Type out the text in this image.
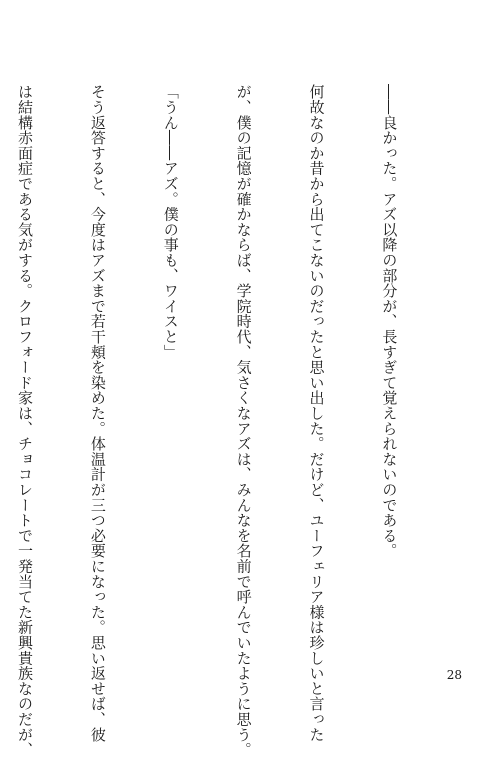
――良かった。アズ以降の部分が、長すぎて覚えられないのである。

何故なのか昔から出てこないのだったと思い出した。だけど、ユーフェリア様は珍しいと言った

が、僕の記憶が確かならば、学院時代、気さくなアズは、みんなを名前で呼んでいたように思う。

「うん――アズ。僕の事も、ワイスと」

そう返答すると、今度はアズまで若干頬を染めた。体温計が三つ必要になった。思い返せば、彼

は結構赤面症である気がする。クロフォード家は、チョコレートで一発当てた新興貴族なのだが、

	28
